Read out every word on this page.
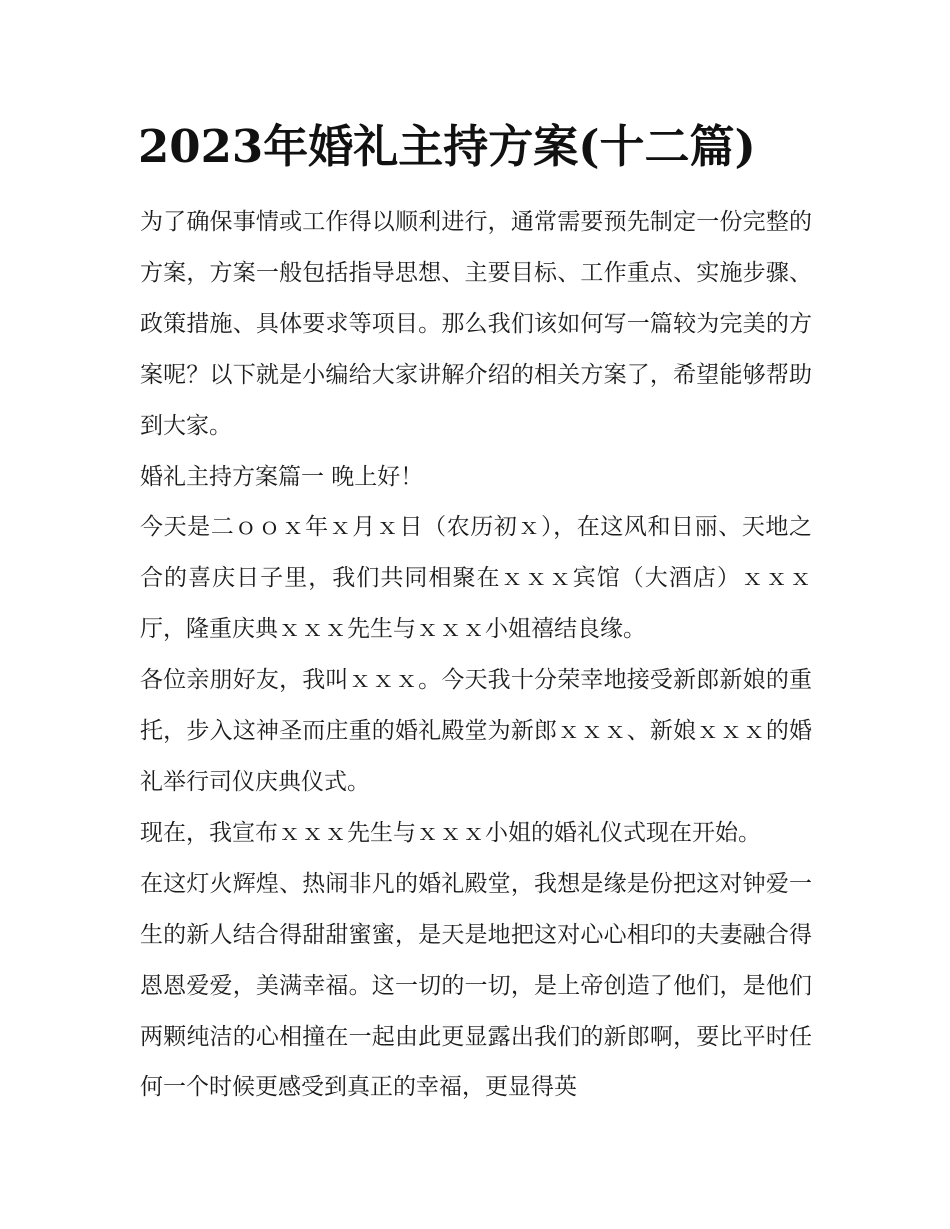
2023年婚礼主持方案(十二篇)

为了确保事情或工作得以顺利进行，通常需要预先制定一份完整的方案，方案一般包括指导思想、主要目标、工作重点、实施步骤、政策措施、具体要求等项目。那么我们该如何写一篇较为完美的方案呢？以下就是小编给大家讲解介绍的相关方案了，希望能够帮助到大家。

婚礼主持方案篇一 晚上好！

今天是二ｏｏｘ年ｘ月ｘ日（农历初ｘ），在这风和日丽、天地之合的喜庆日子里，我们共同相聚在ｘｘｘ宾馆（大酒店）ｘｘｘ厅，隆重庆典ｘｘｘ先生与ｘｘｘ小姐禧结良缘。

各位亲朋好友，我叫ｘｘｘ。今天我十分荣幸地接受新郎新娘的重托，步入这神圣而庄重的婚礼殿堂为新郎ｘｘｘ、新娘ｘｘｘ的婚礼举行司仪庆典仪式。

现在，我宣布ｘｘｘ先生与ｘｘｘ小姐的婚礼仪式现在开始。

在这灯火辉煌、热闹非凡的婚礼殿堂，我想是缘是份把这对钟爱一生的新人结合得甜甜蜜蜜，是天是地把这对心心相印的夫妻融合得恩恩爱爱，美满幸福。这一切的一切，是上帝创造了他们，是他们两颗纯洁的心相撞在一起由此更显露出我们的新郎啊，要比平时任何一个时候更感受到真正的幸福，更显得英
